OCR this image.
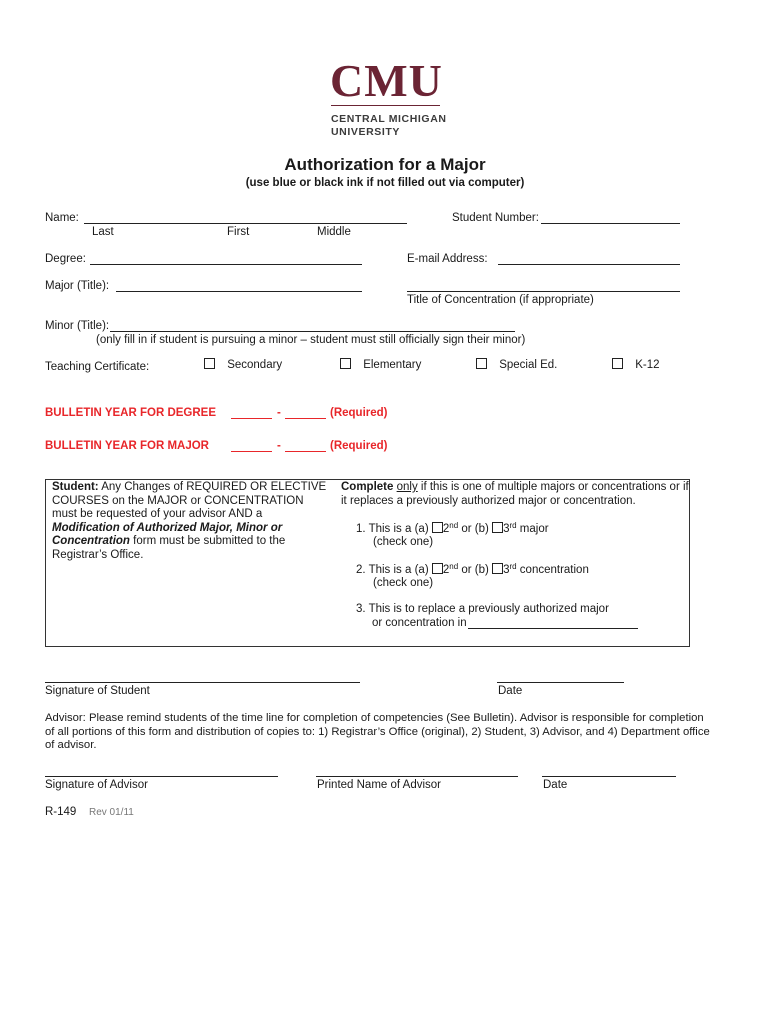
CMU
CENTRAL MICHIGAN
UNIVERSITY
Authorization for a Major
(use blue or black ink if not filled out via computer)
Name:	Student Number:
Last	First	Middle
Degree:	E-mail Address:
Major (Title):
Title of Concentration (if appropriate)
Minor (Title):
(only fill in if student is pursuing a minor – student must still officially sign their minor)
Teaching Certificate:	Secondary	Elementary	Special Ed.	K-12
BULLETIN YEAR FOR DEGREE	-	(Required)
BULLETIN YEAR FOR MAJOR	-	(Required)
Student: Any Changes of REQUIRED OR ELECTIVE
COURSES on the MAJOR or CONCENTRATION
must be requested of your advisor AND a
Modification of Authorized Major, Minor or
Concentration form must be submitted to the
Registrar’s Office.
Complete only if this is one of multiple majors or concentrations or if
it replaces a previously authorized major or concentration.
1. This is a (a) 2nd or (b) 3rd major
(check one)
2. This is a (a) 2nd or (b) 3rd concentration
(check one)
3. This is to replace a previously authorized major
or concentration in
Signature of Student	Date
Advisor: Please remind students of the time line for completion of competencies (See Bulletin). Advisor is responsible for completion
of all portions of this form and distribution of copies to: 1) Registrar’s Office (original), 2) Student, 3) Advisor, and 4) Department office
of advisor.
Signature of Advisor	Printed Name of Advisor	Date
R-149 Rev 01/11
